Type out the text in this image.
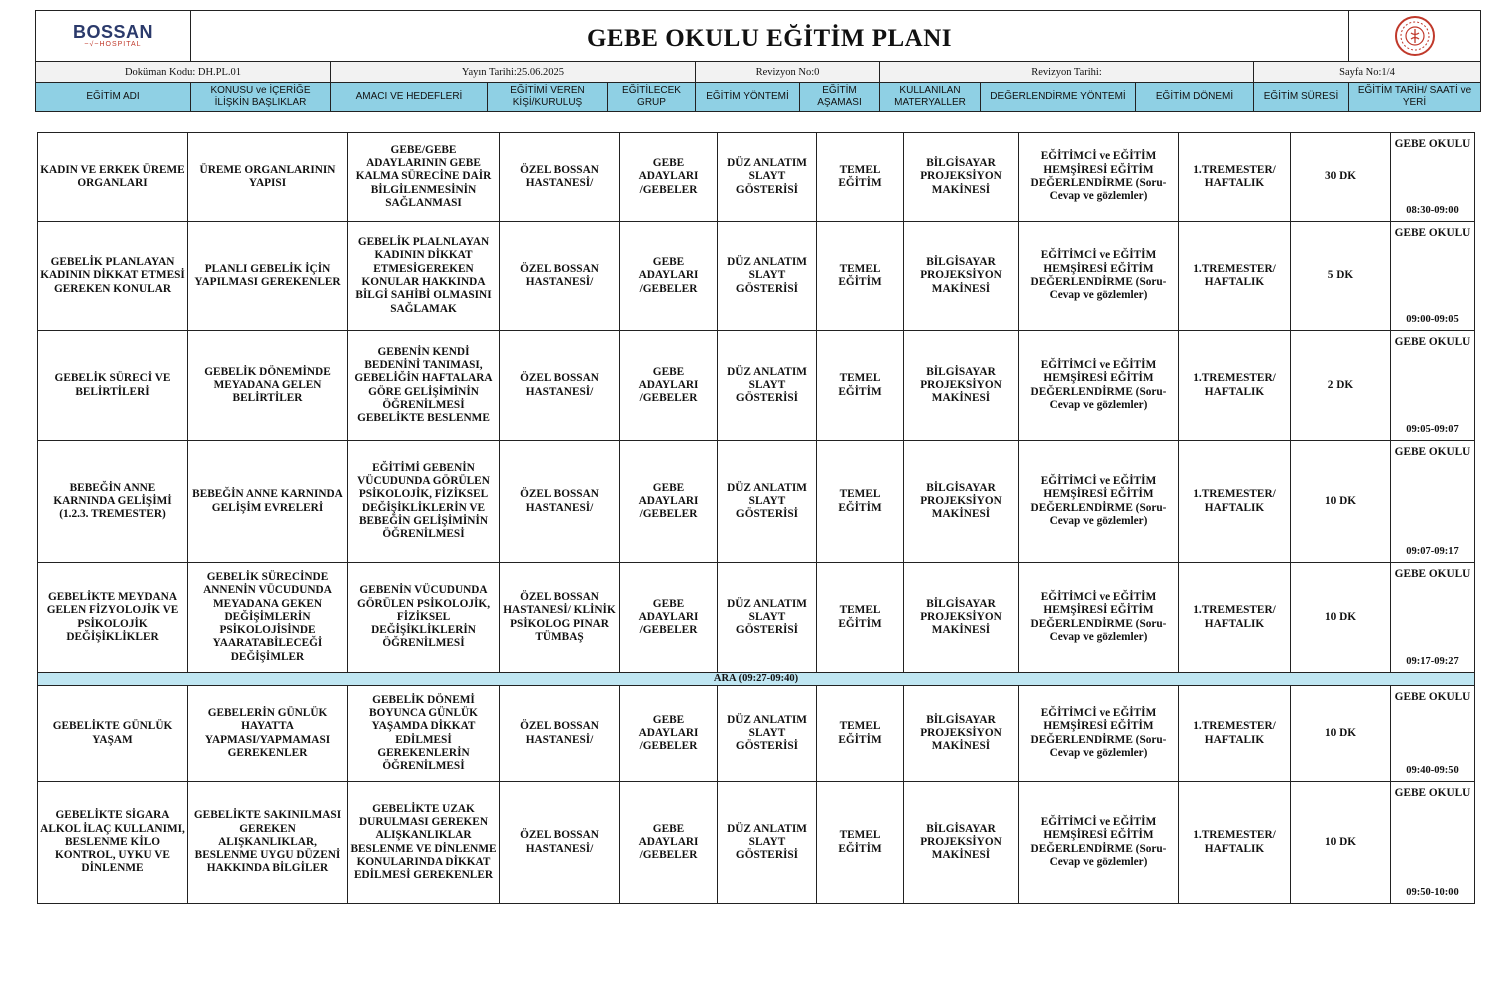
BOSSAN
~√~HOSPITAL	GEBE OKULU EĞİTİM PLANI	

Doküman Kodu: DH.PL.01		Yayın Tarihi:25.06.2025			Revizyon No:0		Revizyon Tarihi:			Sayfa No:1/4	
EĞİTİM ADI	KONUSU ve İÇERİĞE İLİŞKİN BAŞLIKLAR	AMACI VE HEDEFLERİ	EĞİTİMİ VEREN KİŞİ/KURULUŞ	EĞİTİLECEK GRUP	EĞİTİM YÖNTEMİ	EĞİTİM AŞAMASI	KULLANILAN MATERYALLER	DEĞERLENDİRME YÖNTEMİ	EĞİTİM DÖNEMİ	EĞİTİM SÜRESİ	EĞİTİM TARİH/ SAATİ ve YERİ
KADIN VE ERKEK ÜREME ORGANLARI	ÜREME ORGANLARININ YAPISI	GEBE/GEBE ADAYLARININ GEBE KALMA SÜRECİNE DAİR BİLGİLENMESİNİN SAĞLANMASI	ÖZEL BOSSAN HASTANESİ/	GEBE ADAYLARI /GEBELER	DÜZ ANLATIM SLAYT GÖSTERİSİ	TEMEL EĞİTİM	BİLGİSAYAR PROJEKSİYON MAKİNESİ	EĞİTİMCİ ve EĞİTİM HEMŞİRESİ EĞİTİM DEĞERLENDİRME (Soru-Cevap ve gözlemler)	1.TREMESTER/ HAFTALIK	30 DK	GEBE OKULU
08:30-09:00

GEBELİK PLANLAYAN KADININ DİKKAT ETMESİ GEREKEN KONULAR	PLANLI GEBELİK İÇİN YAPILMASI GEREKENLER	GEBELİK PLALNLAYAN KADININ DİKKAT ETMESİGEREKEN KONULAR HAKKINDA BİLGİ SAHİBİ OLMASINI SAĞLAMAK	ÖZEL BOSSAN HASTANESİ/	GEBE ADAYLARI /GEBELER	DÜZ ANLATIM SLAYT GÖSTERİSİ	TEMEL EĞİTİM	BİLGİSAYAR PROJEKSİYON MAKİNESİ	EĞİTİMCİ ve EĞİTİM HEMŞİRESİ EĞİTİM DEĞERLENDİRME (Soru-Cevap ve gözlemler)	1.TREMESTER/ HAFTALIK	5 DK	GEBE OKULU
09:00-09:05

GEBELİK SÜRECİ VE BELİRTİLERİ	GEBELİK DÖNEMİNDE MEYADANA GELEN BELİRTİLER	GEBENİN KENDİ BEDENİNİ TANIMASI, GEBELİĞİN HAFTALARA GÖRE GELİŞİMİNİN ÖĞRENİLMESİ GEBELİKTE BESLENME	ÖZEL BOSSAN HASTANESİ/	GEBE ADAYLARI /GEBELER	DÜZ ANLATIM SLAYT GÖSTERİSİ	TEMEL EĞİTİM	BİLGİSAYAR PROJEKSİYON MAKİNESİ	EĞİTİMCİ ve EĞİTİM HEMŞİRESİ EĞİTİM DEĞERLENDİRME (Soru-Cevap ve gözlemler)	1.TREMESTER/ HAFTALIK	2 DK	GEBE OKULU
09:05-09:07

BEBEĞİN ANNE KARNINDA GELİŞİMİ (1.2.3. TREMESTER)	BEBEĞİN ANNE KARNINDA GELİŞİM EVRELERİ	EĞİTİMİ GEBENİN VÜCUDUNDA GÖRÜLEN PSİKOLOJİK, FİZİKSEL DEĞİŞİKLİKLERİN VE BEBEĞİN GELİŞİMİNİN ÖĞRENİLMESİ	ÖZEL BOSSAN HASTANESİ/	GEBE ADAYLARI /GEBELER	DÜZ ANLATIM SLAYT GÖSTERİSİ	TEMEL EĞİTİM	BİLGİSAYAR PROJEKSİYON MAKİNESİ	EĞİTİMCİ ve EĞİTİM HEMŞİRESİ EĞİTİM DEĞERLENDİRME (Soru-Cevap ve gözlemler)	1.TREMESTER/ HAFTALIK	10 DK	GEBE OKULU
09:07-09:17

GEBELİKTE MEYDANA GELEN FİZYOLOJİK VE PSİKOLOJİK DEĞİŞİKLİKLER	GEBELİK SÜRECİNDE ANNENİN VÜCUDUNDA MEYADANA GEKEN DEĞİŞİMLERİN PSİKOLOJİSİNDE YAARATABİLECEĞİ DEĞİŞİMLER	GEBENİN VÜCUDUNDA GÖRÜLEN PSİKOLOJİK, FİZİKSEL DEĞİŞİKLİKLERİN ÖĞRENİLMESİ	ÖZEL BOSSAN HASTANESİ/ KLİNİK PSİKOLOG PINAR TÜMBAŞ	GEBE ADAYLARI /GEBELER	DÜZ ANLATIM SLAYT GÖSTERİSİ	TEMEL EĞİTİM	BİLGİSAYAR PROJEKSİYON MAKİNESİ	EĞİTİMCİ ve EĞİTİM HEMŞİRESİ EĞİTİM DEĞERLENDİRME (Soru-Cevap ve gözlemler)	1.TREMESTER/ HAFTALIK	10 DK	GEBE OKULU
09:17-09:27

ARA (09:27-09:40)											
GEBELİKTE GÜNLÜK YAŞAM	GEBELERİN GÜNLÜK HAYATTA YAPMASI/YAPMAMASI GEREKENLER	GEBELİK DÖNEMİ BOYUNCA GÜNLÜK YAŞAMDA DİKKAT EDİLMESİ GEREKENLERİN ÖĞRENİLMESİ	ÖZEL BOSSAN HASTANESİ/	GEBE ADAYLARI /GEBELER	DÜZ ANLATIM SLAYT GÖSTERİSİ	TEMEL EĞİTİM	BİLGİSAYAR PROJEKSİYON MAKİNESİ	EĞİTİMCİ ve EĞİTİM HEMŞİRESİ EĞİTİM DEĞERLENDİRME (Soru-Cevap ve gözlemler)	1.TREMESTER/ HAFTALIK	10 DK	GEBE OKULU
09:40-09:50

GEBELİKTE SİGARA ALKOL İLAÇ KULLANIMI, BESLENME KİLO KONTROL, UYKU VE DİNLENME	GEBELİKTE SAKINILMASI GEREKEN ALIŞKANLIKLAR, BESLENME UYGU DÜZENİ HAKKINDA BİLGİLER	GEBELİKTE UZAK DURULMASI GEREKEN ALIŞKANLIKLAR BESLENME VE DİNLENME KONULARINDA DİKKAT EDİLMESİ GEREKENLER	ÖZEL BOSSAN HASTANESİ/	GEBE ADAYLARI /GEBELER	DÜZ ANLATIM SLAYT GÖSTERİSİ	TEMEL EĞİTİM	BİLGİSAYAR PROJEKSİYON MAKİNESİ	EĞİTİMCİ ve EĞİTİM HEMŞİRESİ EĞİTİM DEĞERLENDİRME (Soru-Cevap ve gözlemler)	1.TREMESTER/ HAFTALIK	10 DK	GEBE OKULU
09:50-10:00
